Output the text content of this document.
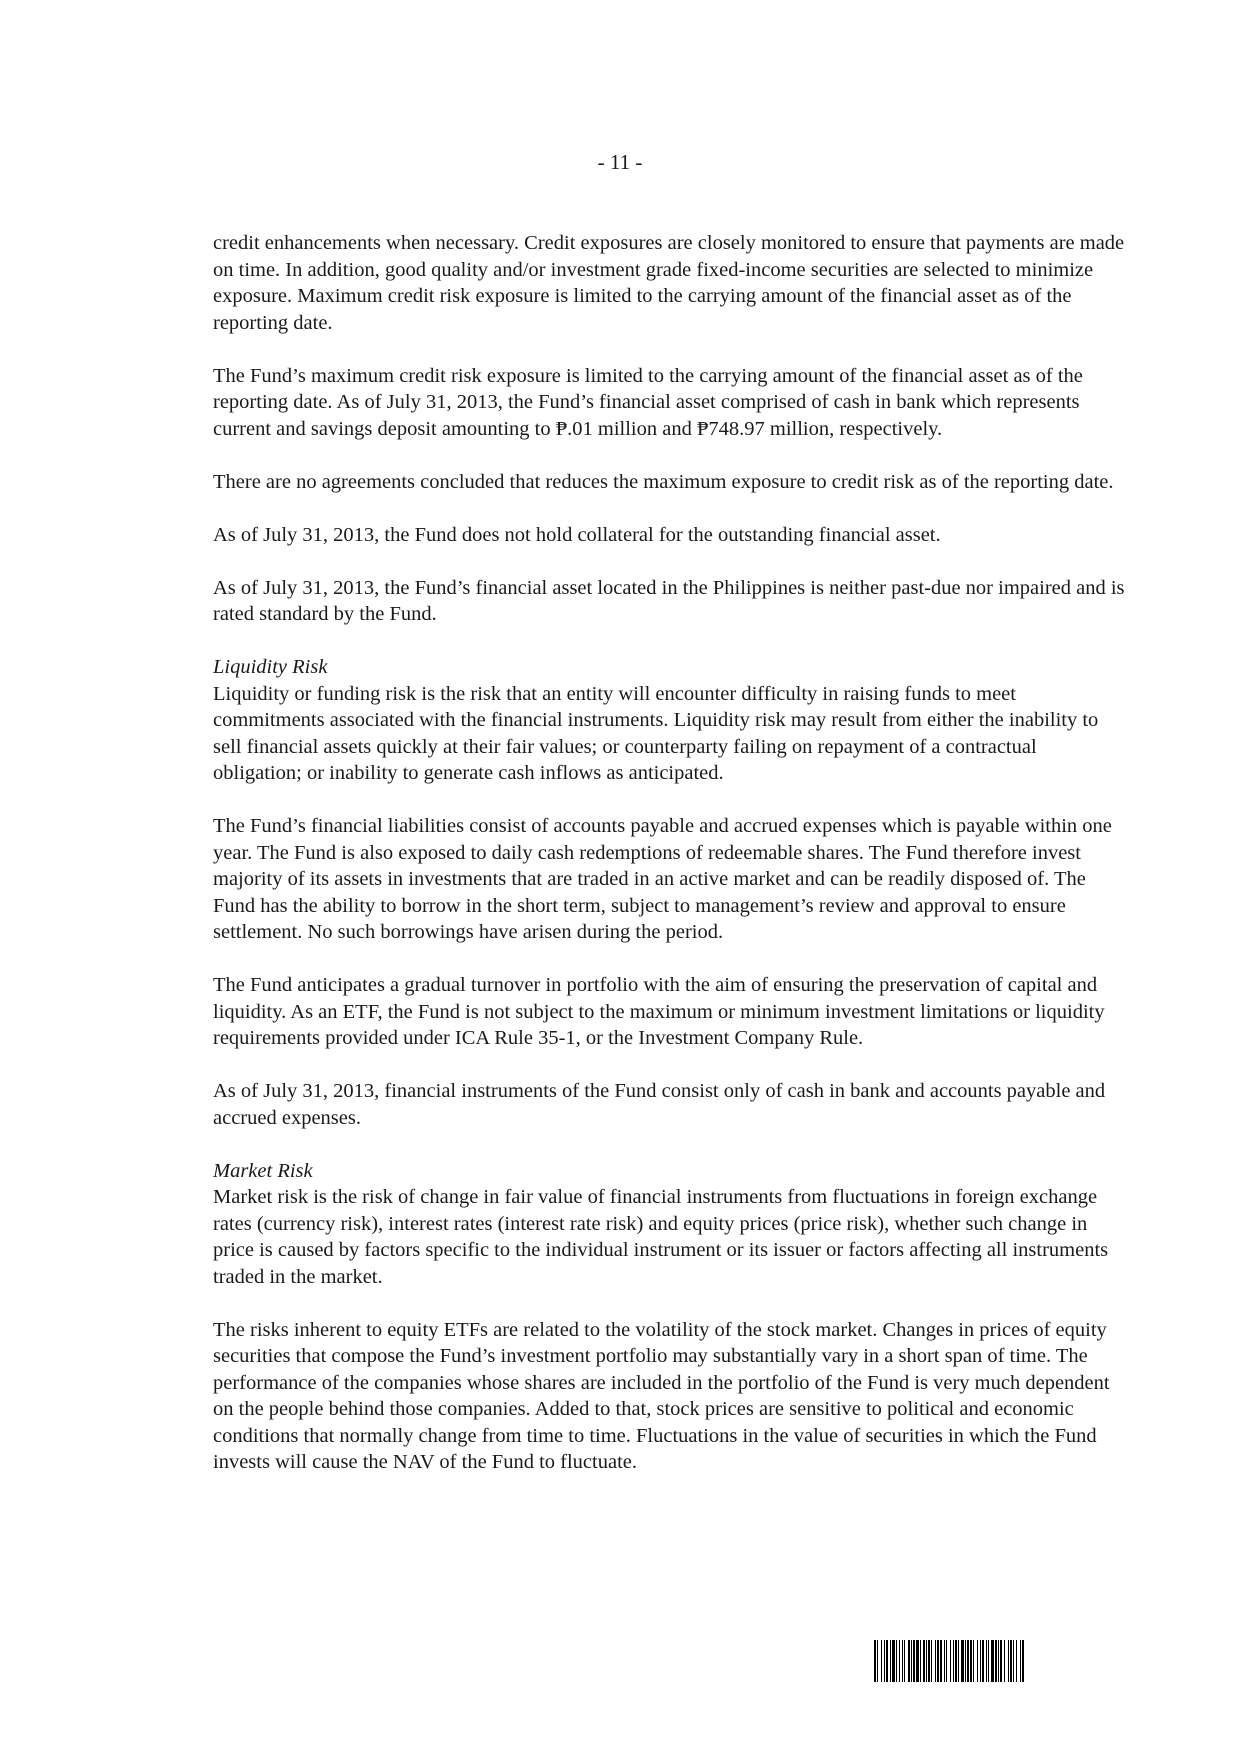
- 11 -

credit enhancements when necessary. Credit exposures are closely monitored to ensure that payments are made on time. In addition, good quality and/or investment grade fixed-income securities are selected to minimize exposure. Maximum credit risk exposure is limited to the carrying amount of the financial asset as of the reporting date.

The Fund’s maximum credit risk exposure is limited to the carrying amount of the financial asset as of the reporting date. As of July 31, 2013, the Fund’s financial asset comprised of cash in bank which represents current and savings deposit amounting to ₱.01 million and ₱748.97 million, respectively.

There are no agreements concluded that reduces the maximum exposure to credit risk as of the reporting date.

As of July 31, 2013, the Fund does not hold collateral for the outstanding financial asset.

As of July 31, 2013, the Fund’s financial asset located in the Philippines is neither past-due nor impaired and is rated standard by the Fund.

Liquidity Risk

Liquidity or funding risk is the risk that an entity will encounter difficulty in raising funds to meet commitments associated with the financial instruments. Liquidity risk may result from either the inability to sell financial assets quickly at their fair values; or counterparty failing on repayment of a contractual obligation; or inability to generate cash inflows as anticipated.

The Fund’s financial liabilities consist of accounts payable and accrued expenses which is payable within one year. The Fund is also exposed to daily cash redemptions of redeemable shares. The Fund therefore invest majority of its assets in investments that are traded in an active market and can be readily disposed of. The Fund has the ability to borrow in the short term, subject to management’s review and approval to ensure settlement. No such borrowings have arisen during the period.

The Fund anticipates a gradual turnover in portfolio with the aim of ensuring the preservation of capital and liquidity. As an ETF, the Fund is not subject to the maximum or minimum investment limitations or liquidity requirements provided under ICA Rule 35-1, or the Investment Company Rule.

As of July 31, 2013, financial instruments of the Fund consist only of cash in bank and accounts payable and accrued expenses.

Market Risk

Market risk is the risk of change in fair value of financial instruments from fluctuations in foreign exchange rates (currency risk), interest rates (interest rate risk) and equity prices (price risk), whether such change in price is caused by factors specific to the individual instrument or its issuer or factors affecting all instruments traded in the market.

The risks inherent to equity ETFs are related to the volatility of the stock market. Changes in prices of equity securities that compose the Fund’s investment portfolio may substantially vary in a short span of time. The performance of the companies whose shares are included in the portfolio of the Fund is very much dependent on the people behind those companies. Added to that, stock prices are sensitive to political and economic conditions that normally change from time to time. Fluctuations in the value of securities in which the Fund invests will cause the NAV of the Fund to fluctuate.
